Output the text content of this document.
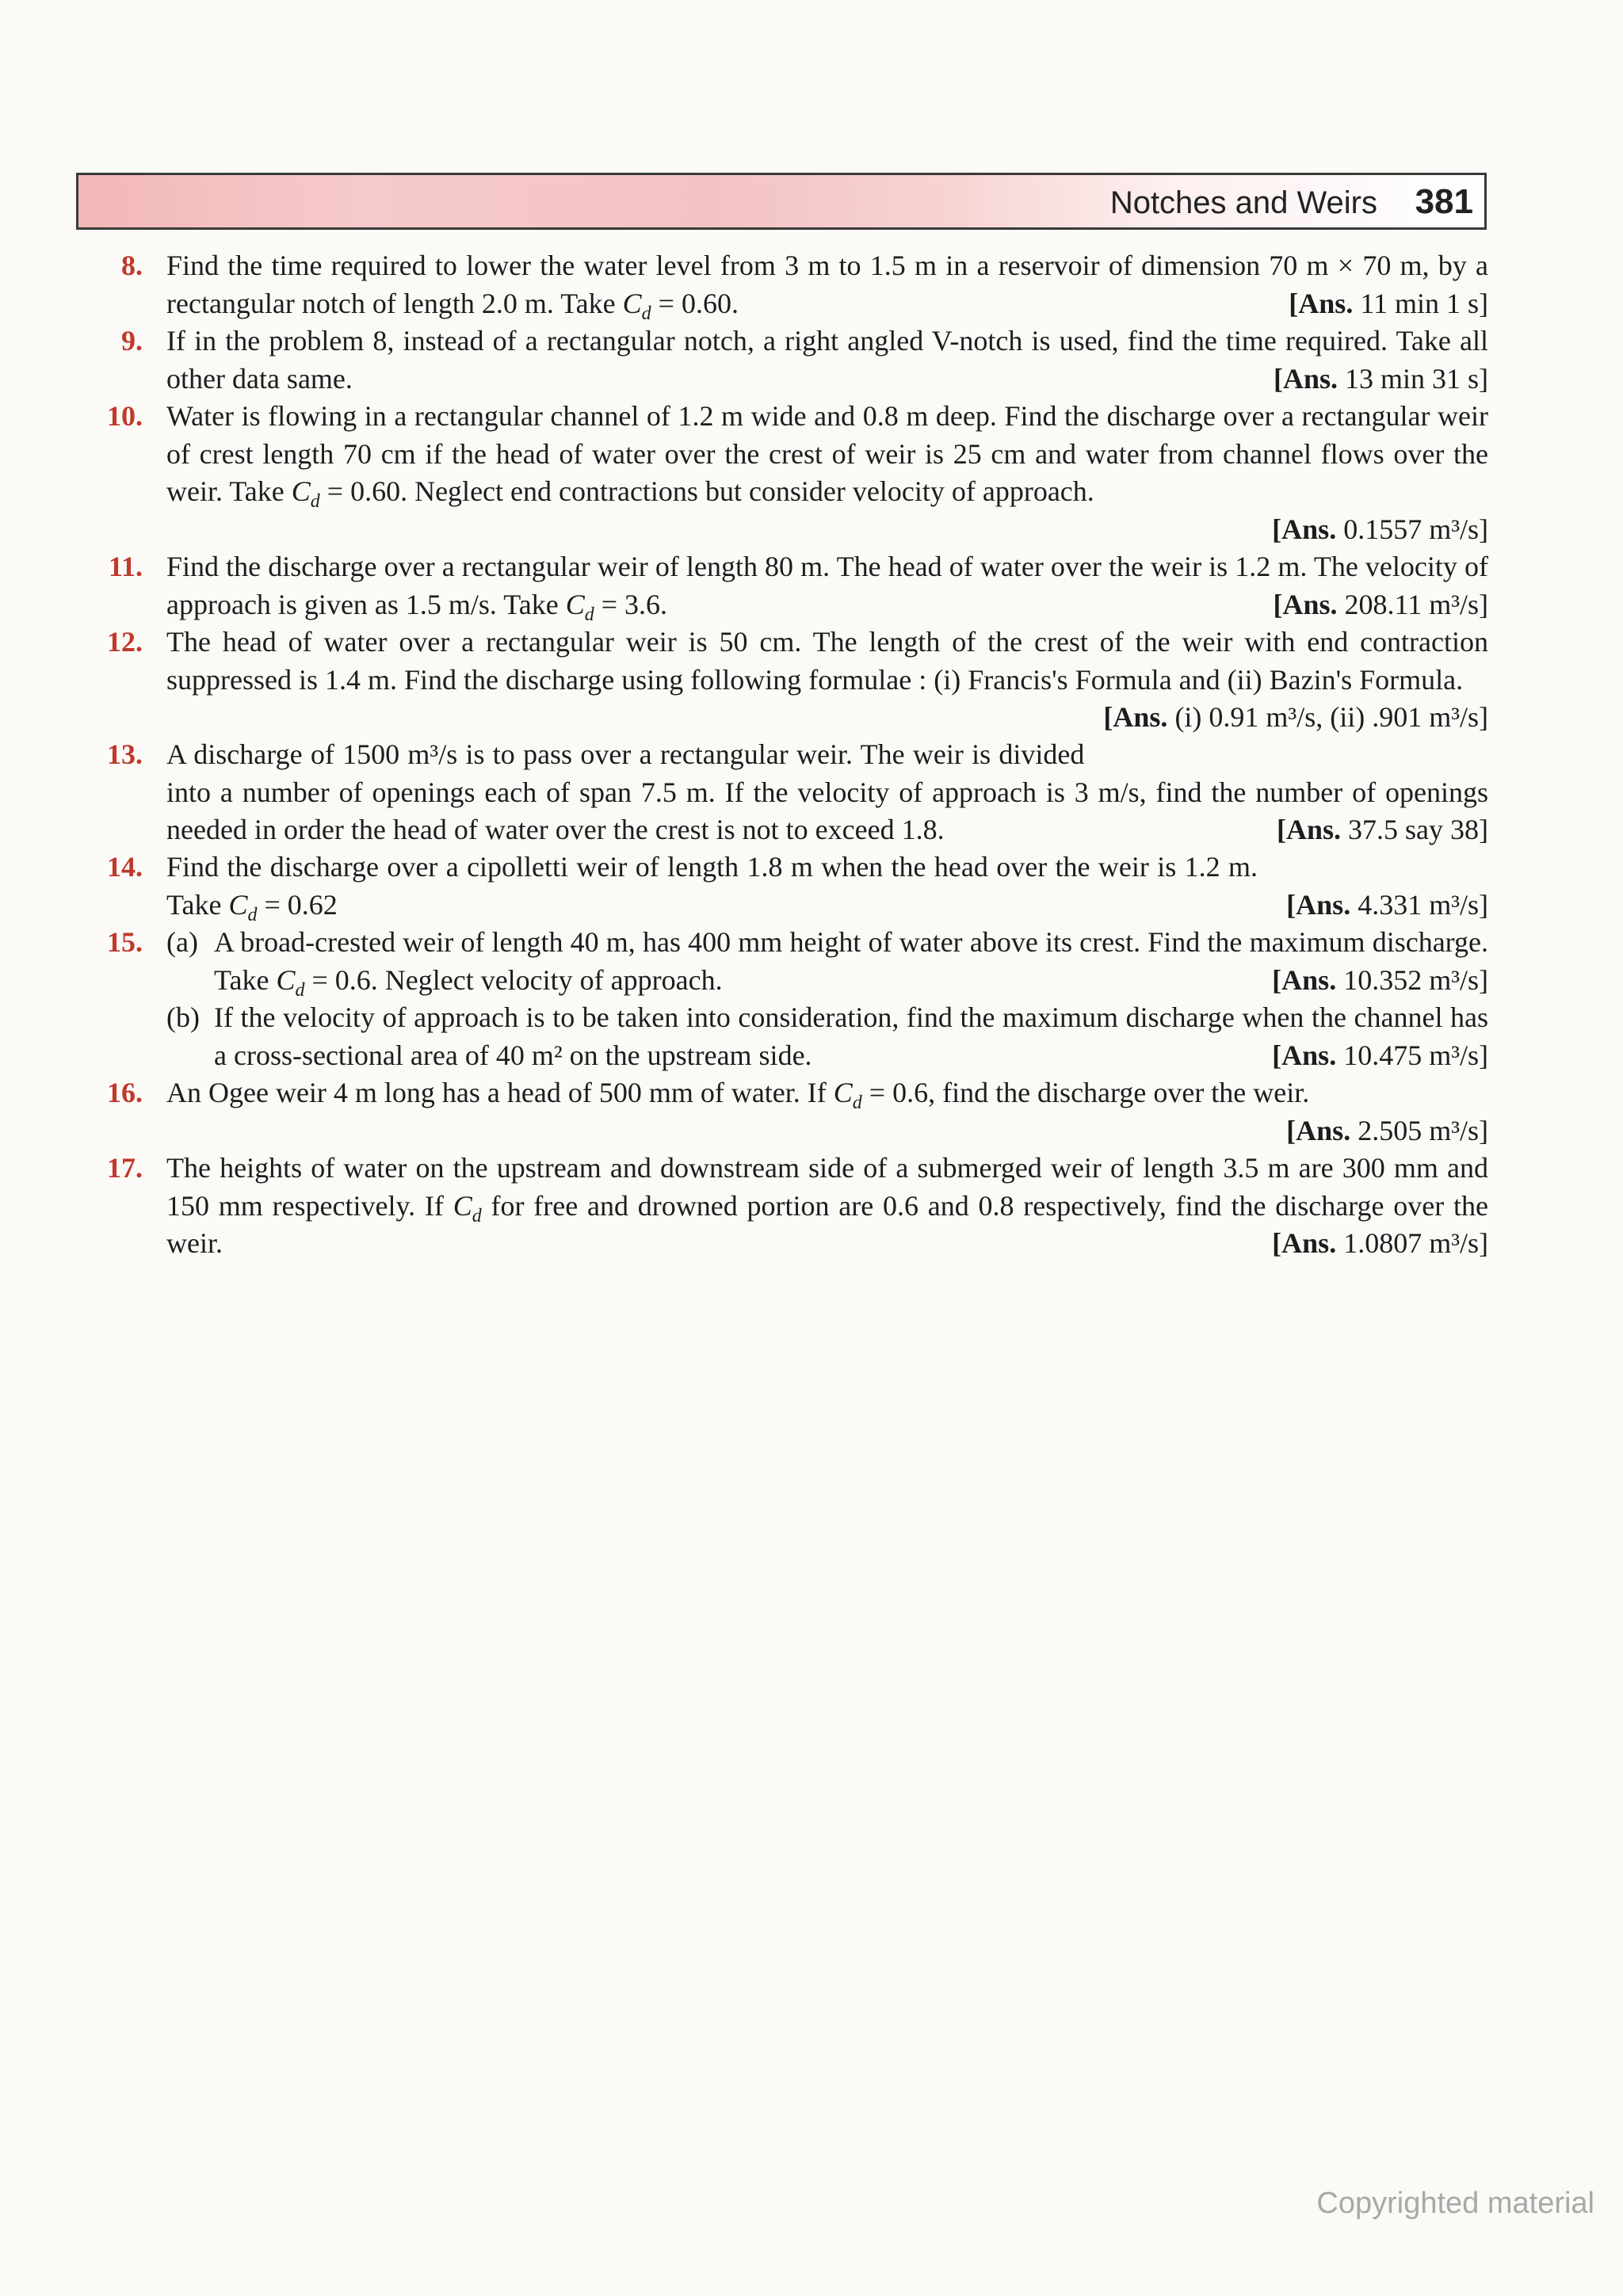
Notches and Weirs 381
8. Find the time required to lower the water level from 3 m to 1.5 m in a reservoir of dimension 70 m × 70 m, by a rectangular notch of length 2.0 m. Take $C_d = 0.60$.	[Ans. 11 min 1 s]
9. If in the problem 8, instead of a rectangular notch, a right angled V-notch is used, find the time required. Take all other data same.	[Ans. 13 min 31 s]
10. Water is flowing in a rectangular channel of 1.2 m wide and 0.8 m deep. Find the discharge over a rectangular weir of crest length 70 cm if the head of water over the crest of weir is 25 cm and water from channel flows over the weir. Take $C_d = 0.60$. Neglect end contractions but consider velocity of approach.
[Ans. 0.1557 m³/s]
11. Find the discharge over a rectangular weir of length 80 m. The head of water over the weir is 1.2 m. The velocity of approach is given as 1.5 m/s. Take $C_d = 3.6$.	[Ans. 208.11 m³/s]
12. The head of water over a rectangular weir is 50 cm. The length of the crest of the weir with end contraction suppressed is 1.4 m. Find the discharge using following formulae : (i) Francis's Formula and (ii) Bazin's Formula.
[Ans. (i) 0.91 m³/s, (ii) .901 m³/s]
13. A discharge of 1500 m³/s is to pass over a rectangular weir. The weir is divided into a number of openings each of span 7.5 m. If the velocity of approach is 3 m/s, find the number of openings needed in order the head of water over the crest is not to exceed 1.8.	[Ans. 37.5 say 38]
14. Find the discharge over a cipolletti weir of length 1.8 m when the head over the weir is 1.2 m. Take $C_d = 0.62$	[Ans. 4.331 m³/s]
15. (a) A broad-crested weir of length 40 m, has 400 mm height of water above its crest. Find the maximum discharge. Take $C_d = 0.6$. Neglect velocity of approach.	[Ans. 10.352 m³/s]
(b) If the velocity of approach is to be taken into consideration, find the maximum discharge when the channel has a cross-sectional area of 40 m² on the upstream side.	[Ans. 10.475 m³/s]
16. An Ogee weir 4 m long has a head of 500 mm of water. If $C_d = 0.6$, find the discharge over the weir.
[Ans. 2.505 m³/s]
17. The heights of water on the upstream and downstream side of a submerged weir of length 3.5 m are 300 mm and 150 mm respectively. If $C_d$ for free and drowned portion are 0.6 and 0.8 respectively, find the discharge over the weir.	[Ans. 1.0807 m³/s]
Copyrighted material
